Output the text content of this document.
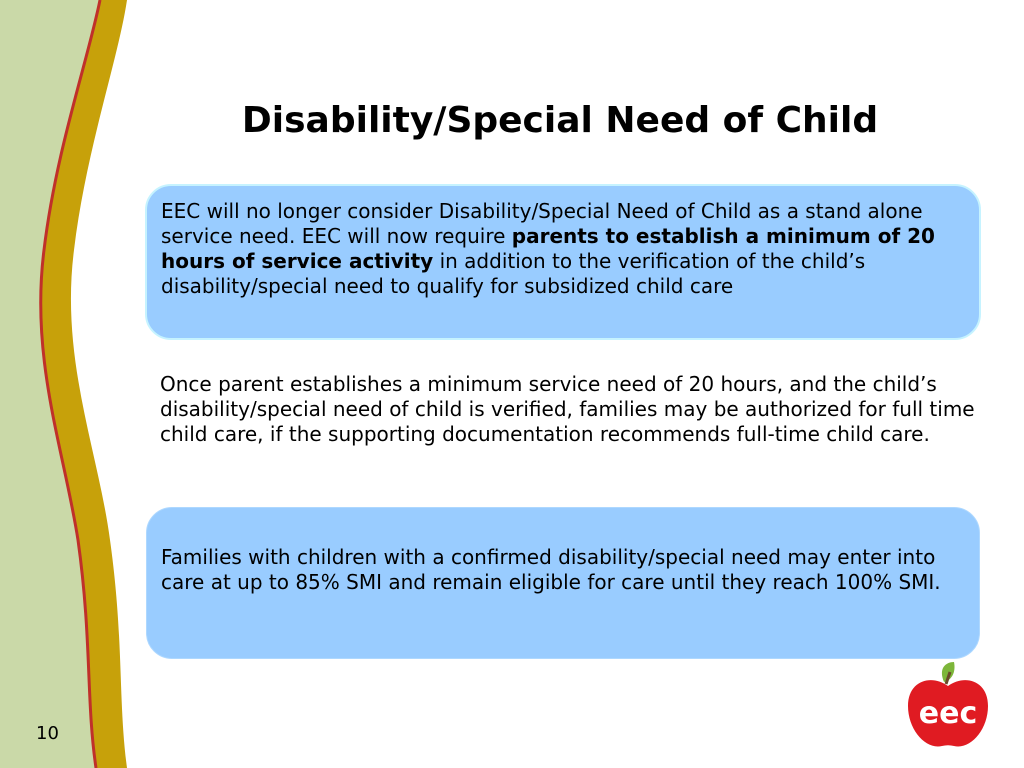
Disability/Special Need of Child

EEC will no longer consider Disability/Special Need of Child as a stand alone service need. EEC will now require parents to establish a minimum of 20 hours of service activity in addition to the verification of the child’s disability/special need to qualify for subsidized child care

Once parent establishes a minimum service need of 20 hours, and the child’s disability/special need of child is verified, families may be authorized for full time child care, if the supporting documentation recommends full-time child care.

Families with children with a confirmed disability/special need may enter into care at up to 85% SMI and remain eligible for care until they reach 100% SMI.

10
eec
